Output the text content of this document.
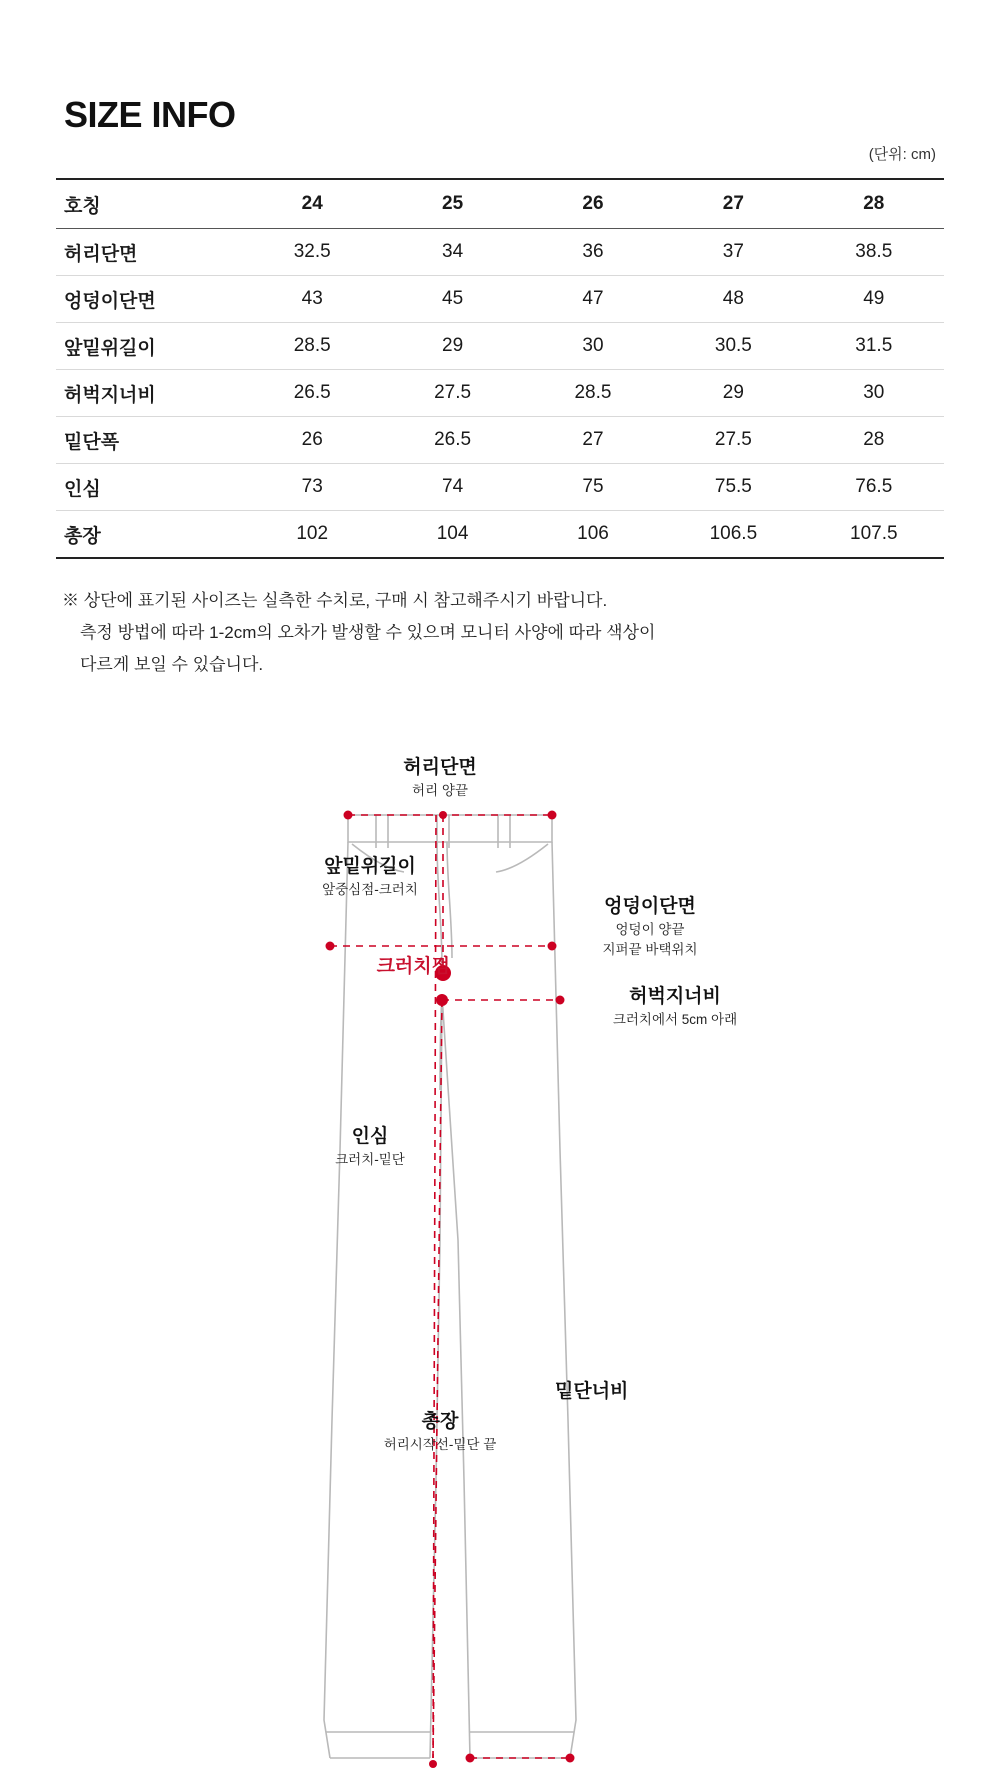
SIZE INFO
(단위: cm)
호칭	24	25	26	27	28
허리단면	32.5	34	36	37	38.5
엉덩이단면	43	45	47	48	49
앞밑위길이	28.5	29	30	30.5	31.5
허벅지너비	26.5	27.5	28.5	29	30
밑단폭	26	26.5	27	27.5	28
인심	73	74	75	75.5	76.5
총장	102	104	106	106.5	107.5
※ 상단에 표기된 사이즈는 실측한 수치로, 구매 시 참고해주시기 바랍니다.
측정 방법에 따라 1-2cm의 오차가 발생할 수 있으며 모니터 사양에 따라 색상이
다르게 보일 수 있습니다.
허리단면
허리 양끝
앞밑위길이
앞중심점-크러치
엉덩이단면
엉덩이 양끝
지퍼끝 바택위치
허벅지너비
크러치에서 5cm 아래
크러치점
인심
크러치-밑단
밑단너비
총장
허리시작선-밑단 끝
